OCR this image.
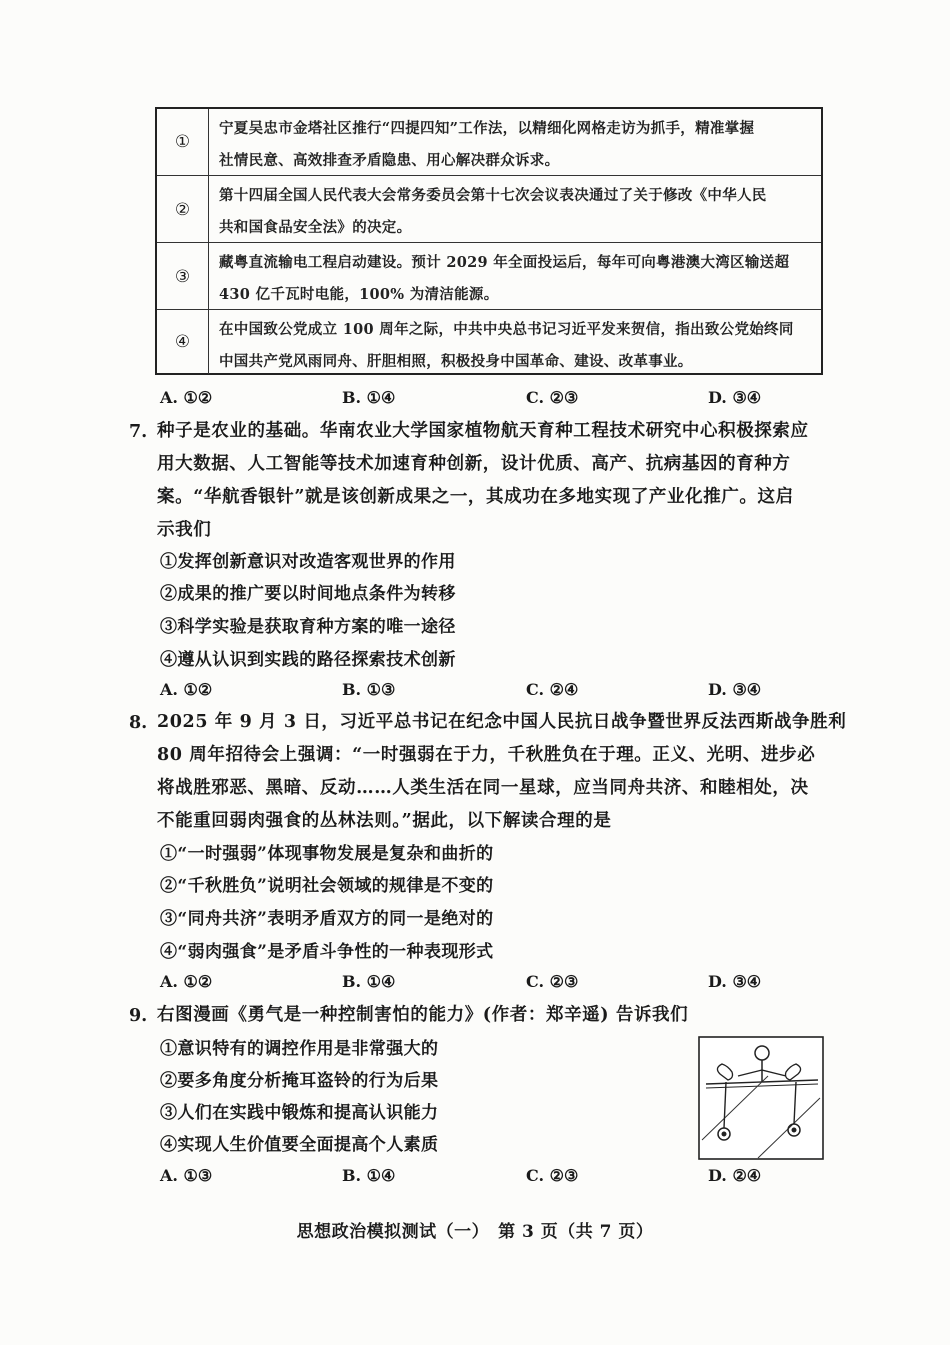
①
宁夏吴忠市金塔社区推行“四提四知”工作法，以精细化网格走访为抓手，精准掌握
社情民意、高效排查矛盾隐患、用心解决群众诉求。
②
第十四届全国人民代表大会常务委员会第十七次会议表决通过了关于修改《中华人民
共和国食品安全法》的决定。
③
藏粤直流输电工程启动建设。预计 2029 年全面投运后，每年可向粤港澳大湾区输送超
430 亿千瓦时电能，100% 为清洁能源。
④
在中国致公党成立 100 周年之际，中共中央总书记习近平发来贺信，指出致公党始终同
中国共产党风雨同舟、肝胆相照，积极投身中国革命、建设、改革事业。
A. ①②	B. ①④	C. ②③	D. ③④
7. 种子是农业的基础。华南农业大学国家植物航天育种工程技术研究中心积极探索应
用大数据、人工智能等技术加速育种创新，设计优质、高产、抗病基因的育种方
案。“华航香银针”就是该创新成果之一，其成功在多地实现了产业化推广。这启
示我们
①发挥创新意识对改造客观世界的作用
②成果的推广要以时间地点条件为转移
③科学实验是获取育种方案的唯一途径
④遵从认识到实践的路径探索技术创新
A. ①②	B. ①③	C. ②④	D. ③④
8. 2025 年 9 月 3 日，习近平总书记在纪念中国人民抗日战争暨世界反法西斯战争胜利
80 周年招待会上强调：“一时强弱在于力，千秋胜负在于理。正义、光明、进步必
将战胜邪恶、黑暗、反动……人类生活在同一星球，应当同舟共济、和睦相处，决
不能重回弱肉强食的丛林法则。”据此，以下解读合理的是
①“一时强弱”体现事物发展是复杂和曲折的
②“千秋胜负”说明社会领域的规律是不变的
③“同舟共济”表明矛盾双方的同一是绝对的
④“弱肉强食”是矛盾斗争性的一种表现形式
A. ①②	B. ①④	C. ②③	D. ③④
9. 右图漫画《勇气是一种控制害怕的能力》(作者：郑辛遥) 告诉我们
①意识特有的调控作用是非常强大的
②要多角度分析掩耳盗铃的行为后果
③人们在实践中锻炼和提高认识能力
④实现人生价值要全面提高个人素质
A. ①③	B. ①④	C. ②③	D. ②④
思想政治模拟测试（一）　第 3 页（共 7 页）
